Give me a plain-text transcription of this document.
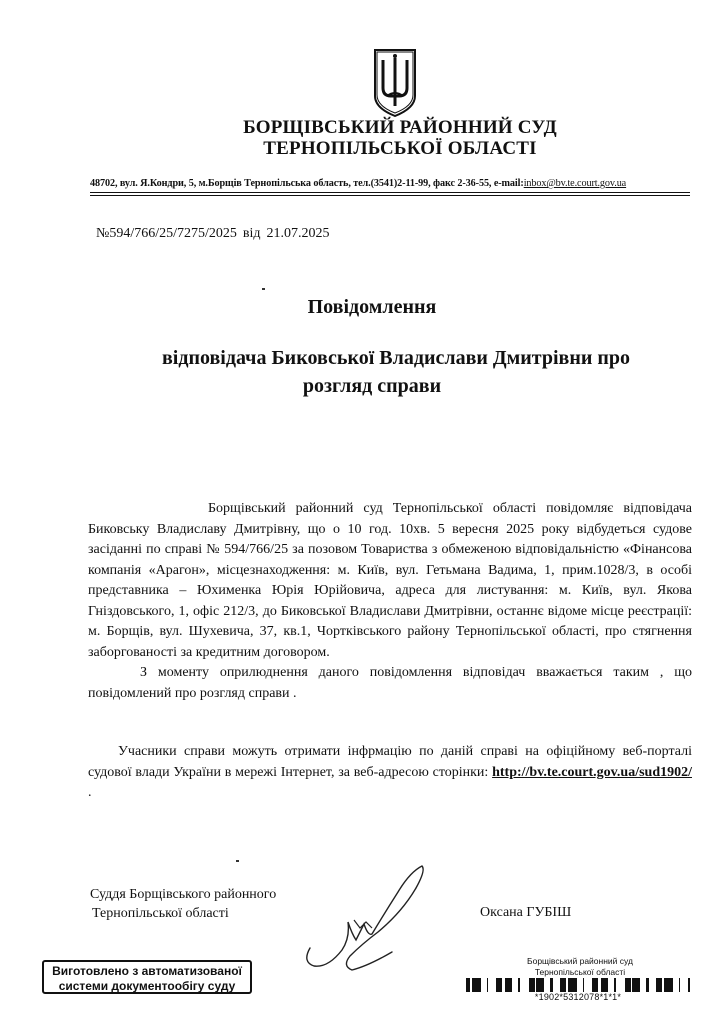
БОРЩІВСЬКИЙ РАЙОННИЙ СУД
ТЕРНОПІЛЬСЬКОЇ ОБЛАСТІ
48702, вул. Я.Кондри, 5, м.Борщів Тернопільська область, тел.(3541)2-11-99, факс 2-36-55, e-mail:inbox@bv.te.court.gov.ua
№594/766/25/7275/2025 від 21.07.2025
Повідомлення
відповідача Биковської Владислави Дмитрівни про
розгляд справи
Борщівський районний суд Тернопільської області повідомляє відповідача Биковську Владиславу Дмитрівну, що о 10 год. 10хв. 5 вересня 2025 року відбудеться судове засіданні по справі № 594/766/25 за позовом Товариства з обмеженою відповідальністю «Фінансова компанія «Арагон», місцезнаходження: м. Київ, вул. Гетьмана Вадима, 1, прим.1028/3, в особі представника – Юхименка Юрія Юрійовича, адреса для листування: м. Київ, вул. Якова Гніздовського, 1, офіс 212/3, до Биковської Владислави Дмитрівни, останнє відоме місце реєстрації: м. Борщів, вул. Шухевича, 37, кв.1, Чортківського району Тернопільської області, про стягнення заборгованості за кредитним договором.
З моменту оприлюднення даного повідомлення відповідач вважається таким , що повідомлений про розгляд справи .
Учасники справи можуть отримати інфрмацію по даній справі на офіційному веб-порталі судової влади України в мережі Інтернет, за веб-адресою сторінки: http://bv.te.court.gov.ua/sud1902/ .
Суддя Борщівського районного
Тернопільської області	Оксана ГУБІШ
Виготовлено з автоматизованої
системи документообігу суду
Борщівський районний суд
Тернопільської області
*1902*5312078*1*1*
